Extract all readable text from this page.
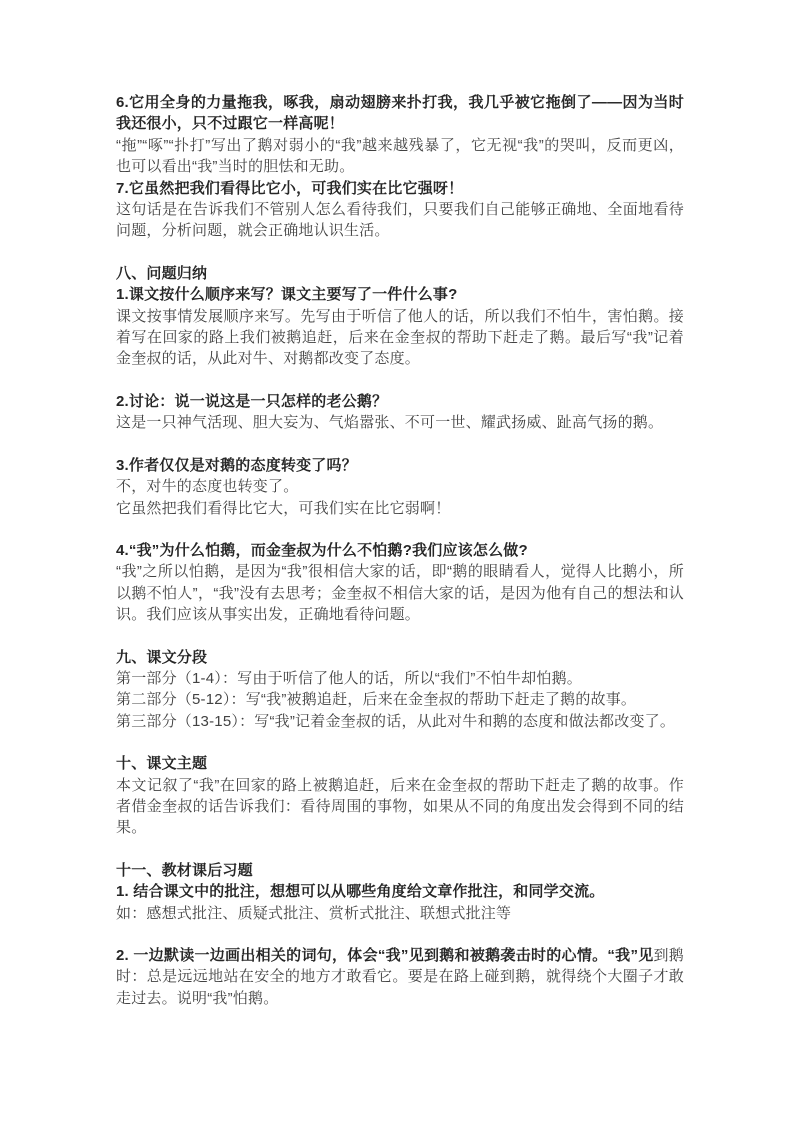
6.它用全身的力量拖我，啄我，扇动翅膀来扑打我，我几乎被它拖倒了——因为当时我还很小，只不过跟它一样高呢！

“拖”“啄”“扑打”写出了鹅对弱小的“我”越来越残暴了，它无视“我”的哭叫，反而更凶，也可以看出“我”当时的胆怯和无助。

7.它虽然把我们看得比它小，可我们实在比它强呀！

这句话是在告诉我们不管别人怎么看待我们，只要我们自己能够正确地、全面地看待问题，分析问题，就会正确地认识生活。

八、问题归纳

1.课文按什么顺序来写？课文主要写了一件什么事?

课文按事情发展顺序来写。先写由于听信了他人的话，所以我们不怕牛，害怕鹅。接着写在回家的路上我们被鹅追赶，后来在金奎叔的帮助下赶走了鹅。最后写“我”记着金奎叔的话，从此对牛、对鹅都改变了态度。

2.讨论：说一说这是一只怎样的老公鹅？

这是一只神气活现、胆大妄为、气焰嚣张、不可一世、耀武扬威、趾高气扬的鹅。

3.作者仅仅是对鹅的态度转变了吗？

不，对牛的态度也转变了。

它虽然把我们看得比它大，可我们实在比它弱啊！

4.“我”为什么怕鹅，而金奎叔为什么不怕鹅?我们应该怎么做?

“我”之所以怕鹅，是因为“我”很相信大家的话，即“鹅的眼睛看人，觉得人比鹅小，所以鹅不怕人”，“我”没有去思考；金奎叔不相信大家的话，是因为他有自己的想法和认识。我们应该从事实出发，正确地看待问题。

九、课文分段

第一部分（1-4）：写由于听信了他人的话，所以“我们”不怕牛却怕鹅。

第二部分（5-12）：写“我”被鹅追赶，后来在金奎叔的帮助下赶走了鹅的故事。

第三部分（13-15）：写“我”记着金奎叔的话，从此对牛和鹅的态度和做法都改变了。

十、课文主题

本文记叙了“我”在回家的路上被鹅追赶，后来在金奎叔的帮助下赶走了鹅的故事。作者借金奎叔的话告诉我们：看待周围的事物，如果从不同的角度出发会得到不同的结果。

十一、教材课后习题

1. 结合课文中的批注，想想可以从哪些角度给文章作批注，和同学交流。

如：感想式批注、质疑式批注、赏析式批注、联想式批注等

2. 一边默读一边画出相关的词句，体会“我”见到鹅和被鹅袭击时的心情。“我”见到鹅时：总是远远地站在安全的地方才敢看它。要是在路上碰到鹅，就得绕个大圈子才敢走过去。说明“我”怕鹅。
